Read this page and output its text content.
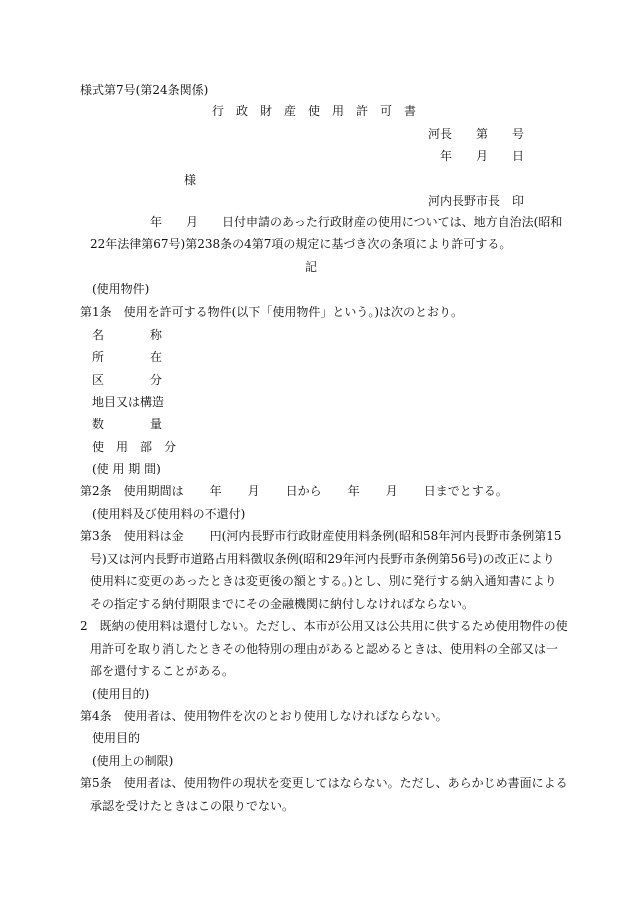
様式第7号(第24条関係)
行　政　財　産　使　用　許　可　書
河長　　第　　号
年　　月　　日
様
河内長野市長　印
年 月 日付申請のあった行政財産の使用については、地方自治法(昭和
22年法律第67号)第238条の4第7項の規定に基づき次の条項により許可する。
記
(使用物件)
第1条　使用を許可する物件(以下「使用物件」という。)は次のとおり。
名	称
所	在
区	分
地目又は構造
数	量
使　用　部　分
(使 用 期 間)
第2条　使用期間は 年 月 日から 年 月 日までとする。
(使用料及び使用料の不還付)
第3条　使用料は金 円(河内長野市行政財産使用料条例(昭和58年河内長野市条例第15
号)又は河内長野市道路占用料徴収条例(昭和29年河内長野市条例第56号)の改正により
使用料に変更のあったときは変更後の額とする。)とし、別に発行する納入通知書により
その指定する納付期限までにその金融機関に納付しなければならない。
2　既納の使用料は還付しない。ただし、本市が公用又は公共用に供するため使用物件の使
用許可を取り消したときその他特別の理由があると認めるときは、使用料の全部又は一
部を還付することがある。
(使用目的)
第4条　使用者は、使用物件を次のとおり使用しなければならない。
使用目的
(使用上の制限)
第5条　使用者は、使用物件の現状を変更してはならない。ただし、あらかじめ書面による
承認を受けたときはこの限りでない。
